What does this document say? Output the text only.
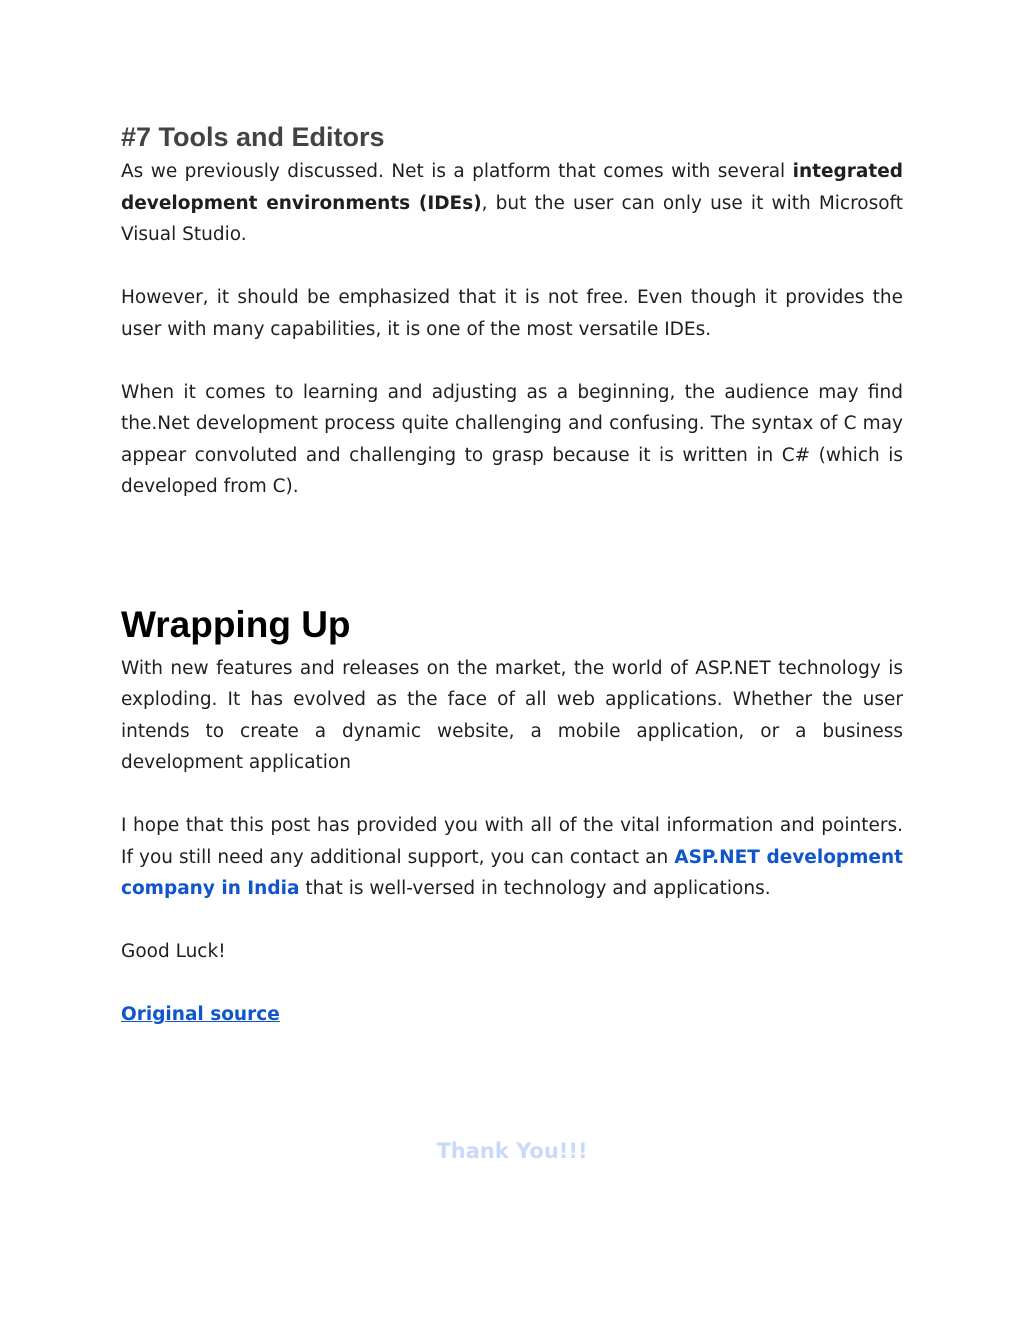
#7 Tools and Editors

As we previously discussed. Net is a platform that comes with several integrated development environments (IDEs), but the user can only use it with Microsoft Visual Studio.

However, it should be emphasized that it is not free. Even though it provides the user with many capabilities, it is one of the most versatile IDEs.

When it comes to learning and adjusting as a beginning, the audience may find the.Net development process quite challenging and confusing. The syntax of C may appear convoluted and challenging to grasp because it is written in C# (which is developed from C).

Wrapping Up

With new features and releases on the market, the world of ASP.NET technology is exploding. It has evolved as the face of all web applications. Whether the user intends to create a dynamic website, a mobile application, or a business development application

I hope that this post has provided you with all of the vital information and pointers. If you still need any additional support, you can contact an ASP.NET development company in India that is well-versed in technology and applications.

Good Luck!

Original source

Thank You!!!
